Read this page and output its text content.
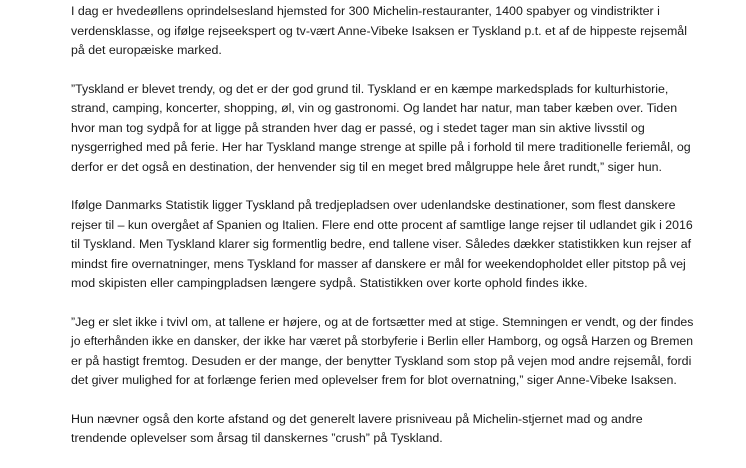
I dag er hvedeøllens oprindelsesland hjemsted for 300 Michelin-restauranter, 1400 spabyer og vindistrikter i
verdensklasse, og ifølge rejseekspert og tv-vært Anne-Vibeke Isaksen er Tyskland p.t. et af de hippeste rejsemål
på det europæiske marked.
”Tyskland er blevet trendy, og det er der god grund til. Tyskland er en kæmpe markedsplads for kulturhistorie,
strand, camping, koncerter, shopping, øl, vin og gastronomi. Og landet har natur, man taber kæben over. Tiden
hvor man tog sydpå for at ligge på stranden hver dag er passé, og i stedet tager man sin aktive livsstil og
nysgerrighed med på ferie. Her har Tyskland mange strenge at spille på i forhold til mere traditionelle feriemål, og
derfor er det også en destination, der henvender sig til en meget bred målgruppe hele året rundt,” siger hun.
Ifølge Danmarks Statistik ligger Tyskland på tredjepladsen over udenlandske destinationer, som flest danskere
rejser til – kun overgået af Spanien og Italien. Flere end otte procent af samtlige lange rejser til udlandet gik i 2016
til Tyskland. Men Tyskland klarer sig formentlig bedre, end tallene viser. Således dækker statistikken kun rejser af
mindst fire overnatninger, mens Tyskland for masser af danskere er mål for weekendopholdet eller pitstop på vej
mod skipisten eller campingpladsen længere sydpå. Statistikken over korte ophold findes ikke.
”Jeg er slet ikke i tvivl om, at tallene er højere, og at de fortsætter med at stige. Stemningen er vendt, og der findes
jo efterhånden ikke en dansker, der ikke har været på storbyferie i Berlin eller Hamborg, og også Harzen og Bremen
er på hastigt fremtog. Desuden er der mange, der benytter Tyskland som stop på vejen mod andre rejsemål, fordi
det giver mulighed for at forlænge ferien med oplevelser frem for blot overnatning,” siger Anne-Vibeke Isaksen.
Hun nævner også den korte afstand og det generelt lavere prisniveau på Michelin-stjernet mad og andre
trendende oplevelser som årsag til danskernes ”crush” på Tyskland.
